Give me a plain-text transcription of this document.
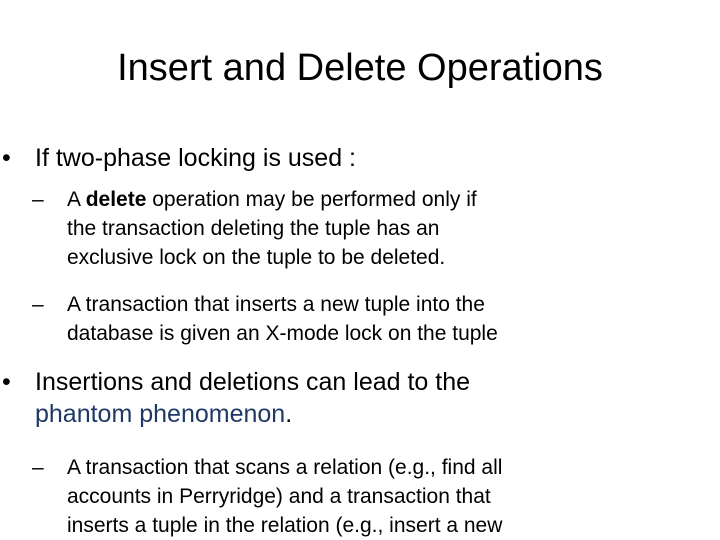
Insert and Delete Operations
• If two-phase locking is used :
– A delete operation may be performed only if
the transaction deleting the tuple has an
exclusive lock on the tuple to be deleted.
– A transaction that inserts a new tuple into the
database is given an X-mode lock on the tuple
• Insertions and deletions can lead to the
phantom phenomenon.
– A transaction that scans a relation (e.g., find all
accounts in Perryridge) and a transaction that
inserts a tuple in the relation (e.g., insert a new
